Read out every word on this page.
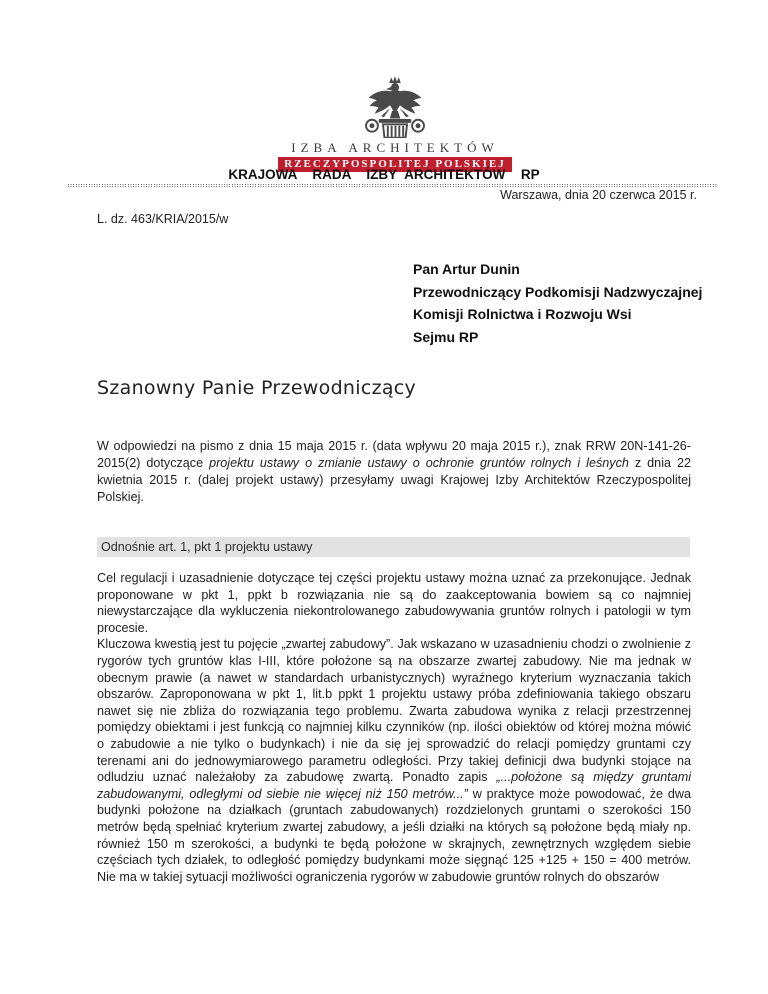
IZBA ARCHITEKTÓW
RZECZYPOSPOLITEJ POLSKIEJ
KRAJOWA  RADA  IZBY ARCHITEKTÓW  RP
Warszawa, dnia 20 czerwca 2015 r.
L. dz. 463/KRIA/2015/w
Pan Artur Dunin
Przewodniczący Podkomisji Nadzwyczajnej
Komisji Rolnictwa i Rozwoju Wsi
Sejmu RP
Szanowny Panie Przewodniczący
W odpowiedzi na pismo z dnia 15 maja 2015 r. (data wpływu 20 maja 2015 r.), znak RRW 20N-141-26-2015(2) dotyczące projektu ustawy o zmianie ustawy o ochronie gruntów rolnych i leśnych z dnia 22 kwietnia 2015 r. (dalej projekt ustawy) przesyłamy uwagi Krajowej Izby Architektów Rzeczypospolitej Polskiej.
Odnośnie art. 1, pkt 1 projektu ustawy

Cel regulacji i uzasadnienie dotyczące tej części projektu ustawy można uznać za przekonujące. Jednak proponowane w pkt 1, ppkt b rozwiązania nie są do zaakceptowania bowiem są co najmniej niewystarczające dla wykluczenia niekontrolowanego zabudowywania gruntów rolnych i patologii w tym procesie.

Kluczowa kwestią jest tu pojęcie „zwartej zabudowy”. Jak wskazano w uzasadnieniu chodzi o zwolnienie z rygorów tych gruntów klas I-III, które położone są na obszarze zwartej zabudowy. Nie ma jednak w obecnym prawie (a nawet w standardach urbanistycznych) wyraźnego kryterium wyznaczania takich obszarów. Zaproponowana w pkt 1, lit.b ppkt 1 projektu ustawy próba zdefiniowania takiego obszaru nawet się nie zbliża do rozwiązania tego problemu. Zwarta zabudowa wynika z relacji przestrzennej pomiędzy obiektami i jest funkcją co najmniej kilku czynników (np. ilości obiektów od której można mówić o zabudowie a nie tylko o budynkach) i nie da się jej sprowadzić do relacji pomiędzy gruntami czy terenami ani do jednowymiarowego parametru odległości. Przy takiej definicji dwa budynki stojące na odludziu uznać należałoby za zabudowę zwartą. Ponadto zapis „...położone są między gruntami zabudowanymi, odległymi od siebie nie więcej niż 150 metrów...” w praktyce może powodować, że dwa budynki położone na działkach (gruntach zabudowanych) rozdzielonych gruntami o szerokości 150 metrów będą spełniać kryterium zwartej zabudowy, a jeśli działki na których są położone będą miały np. również 150 m szerokości, a budynki te będą położone w skrajnych, zewnętrznych względem siebie częściach tych działek, to odległość pomiędzy budynkami może sięgnąć 125 +125 + 150 = 400 metrów. Nie ma w takiej sytuacji możliwości ograniczenia rygorów w zabudowie gruntów rolnych do obszarów
